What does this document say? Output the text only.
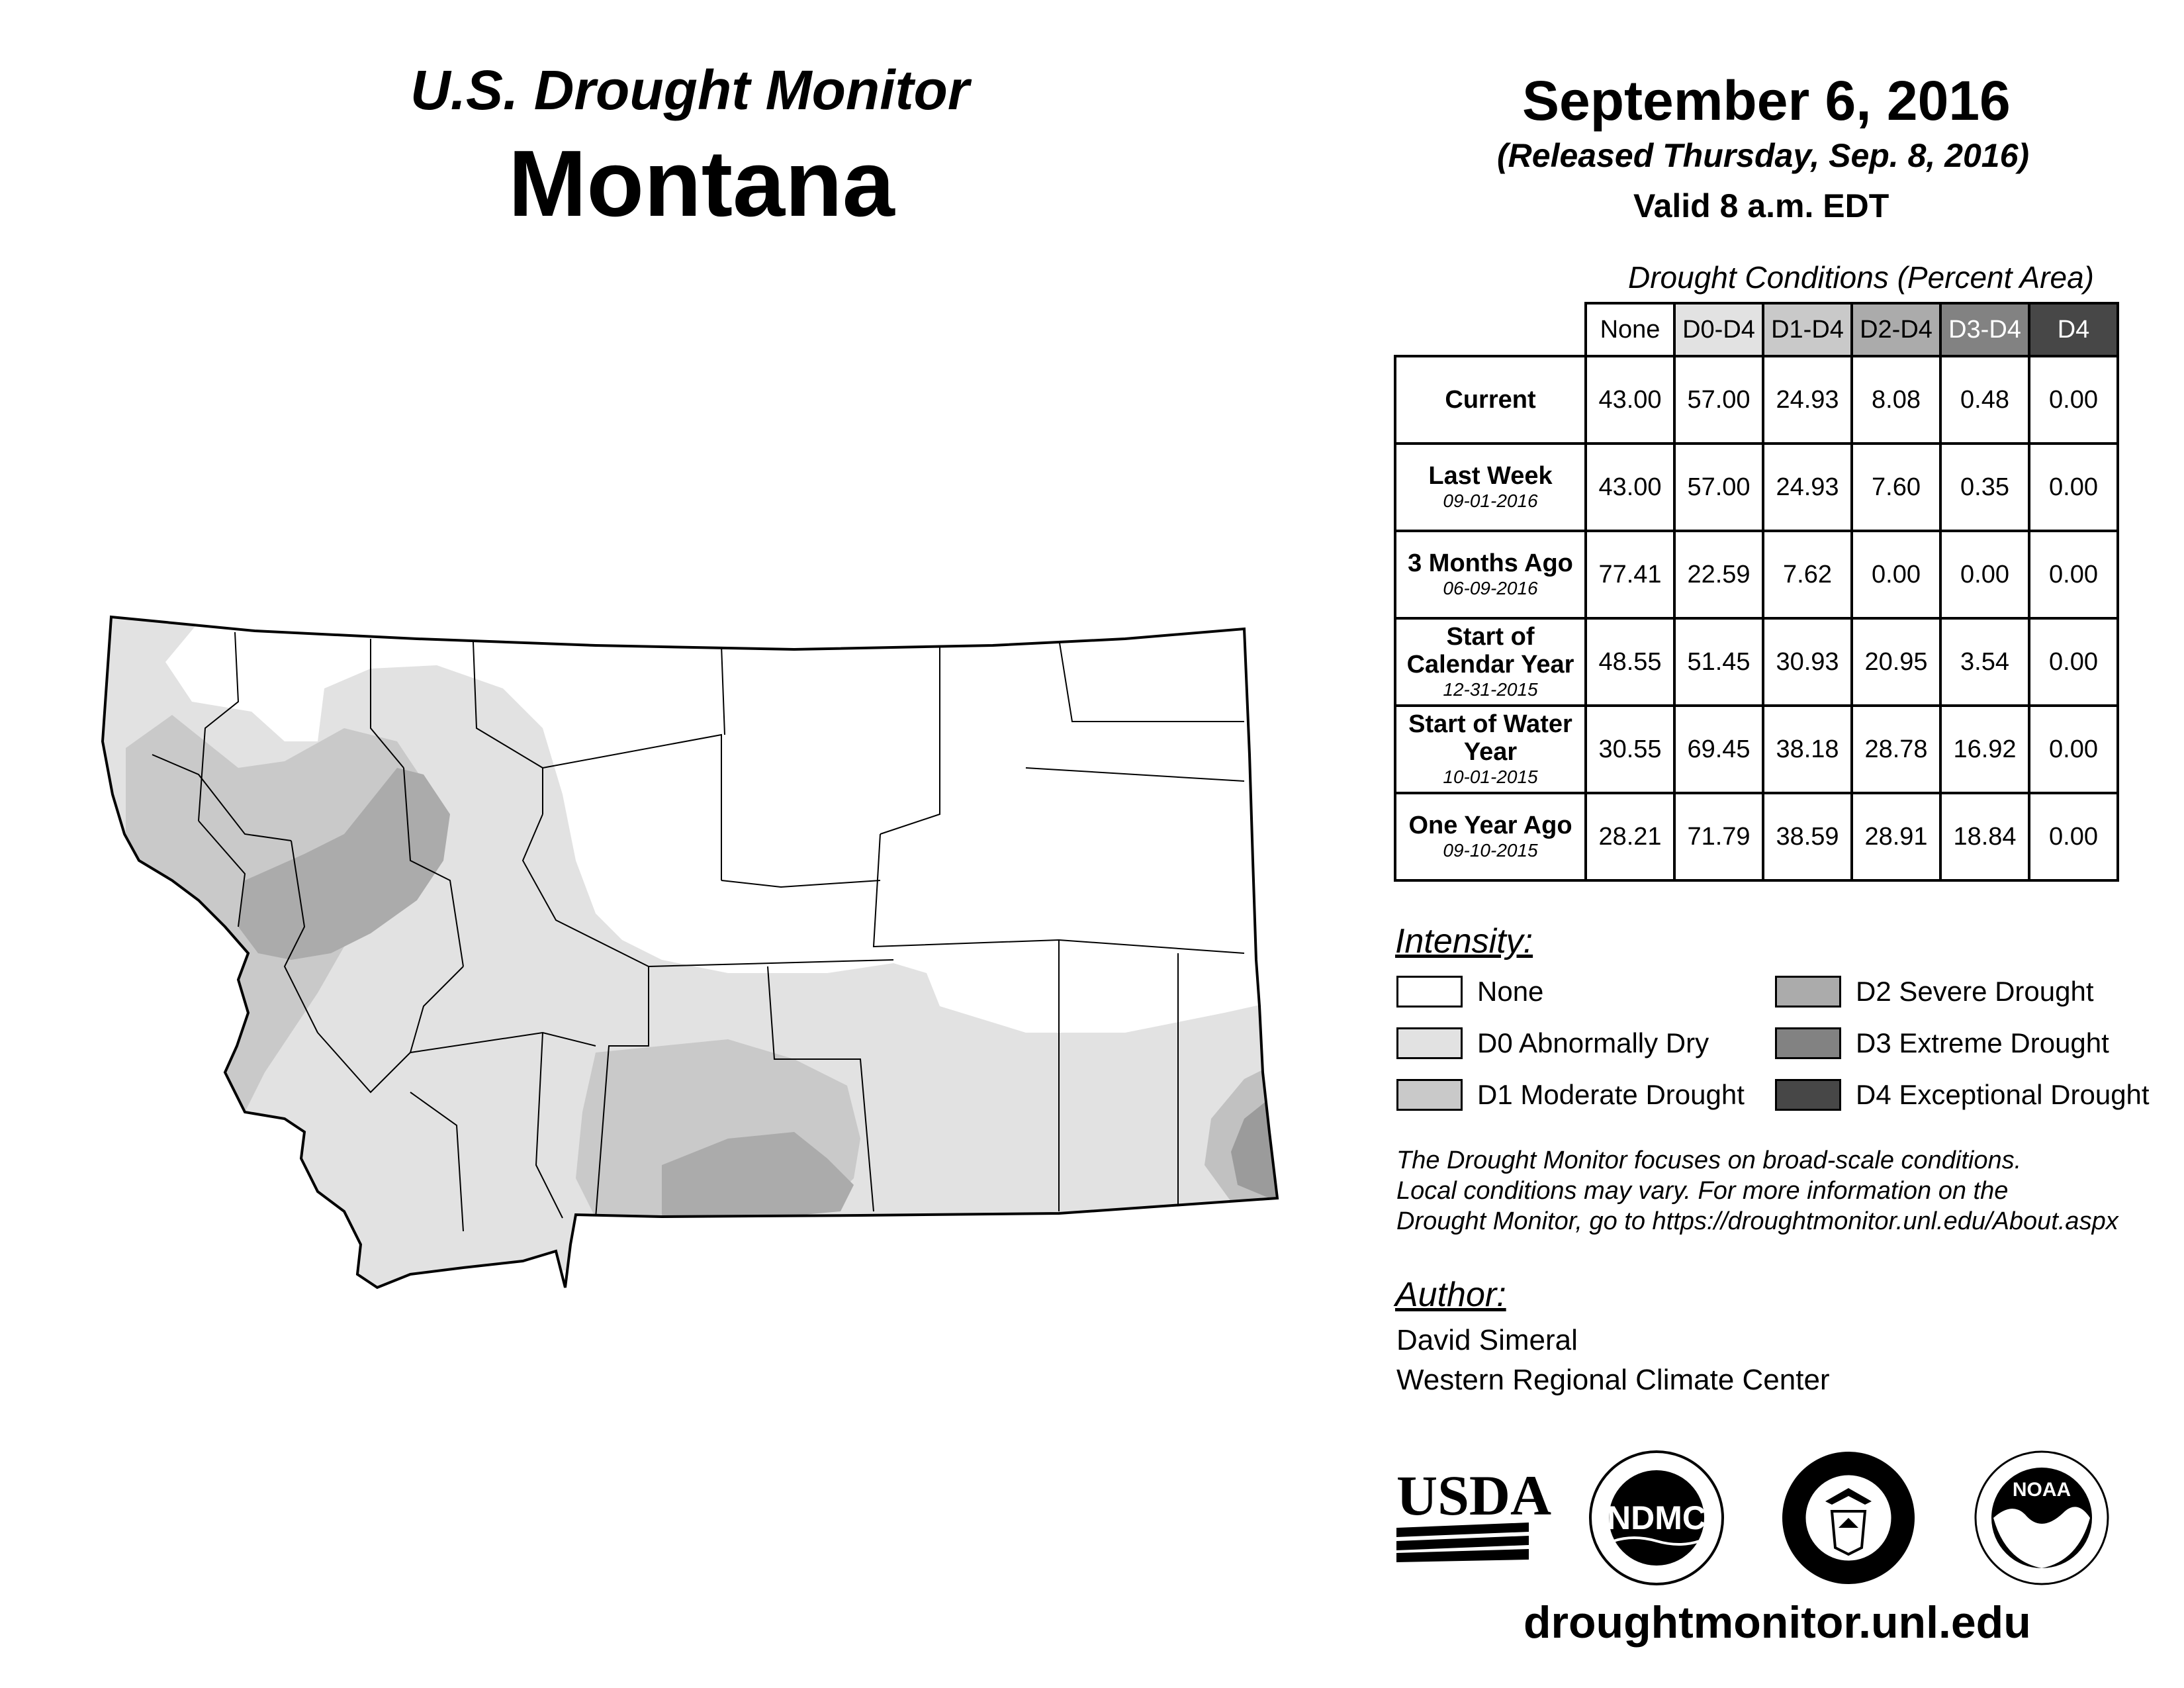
U.S. Drought Monitor
Montana
September 6, 2016
(Released Thursday, Sep. 8, 2016)
Valid 8 a.m. EDT
Drought Conditions (Percent Area)
	None	D0-D4	D1-D4	D2-D4	D3-D4	D4

Current	43.00	57.00	24.93	8.08	0.48	0.00

Last Week
09-01-2016	43.00	57.00	24.93	7.60	0.35	0.00

3 Months Ago
06-09-2016	77.41	22.59	7.62	0.00	0.00	0.00

Start of Calendar Year
12-31-2015	48.55	51.45	30.93	20.95	3.54	0.00

Start of Water Year
10-01-2015	30.55	69.45	38.18	28.78	16.92	0.00

One Year Ago
09-10-2015	28.21	71.79	38.59	28.91	18.84	0.00
Intensity:
None
D0 Abnormally Dry
D1 Moderate Drought
D2 Severe Drought
D3 Extreme Drought
D4 Exceptional Drought
The Drought Monitor focuses on broad-scale conditions.
Local conditions may vary. For more information on the
Drought Monitor, go to https://droughtmonitor.unl.edu/About.aspx
Author:
David Simeral
Western Regional Climate Center
USDA NDMC
NOAA
droughtmonitor.unl.edu
